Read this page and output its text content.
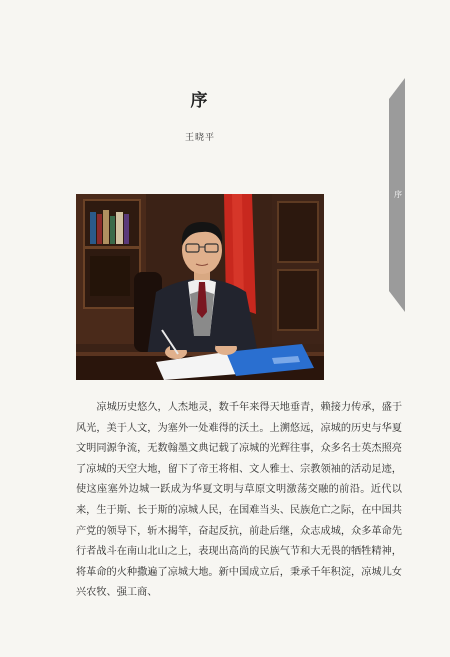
序
王晓平
序

凉城历史悠久，人杰地灵，数千年来得天地垂青，赖接力传承，盛于风光，美于人文，为塞外一处难得的沃土。上溯悠远，凉城的历史与华夏文明同源争流，无数翰墨文典记载了凉城的光辉往事，众多名士英杰照亮了凉城的天空大地，留下了帝王将相、文人雅士、宗教领袖的活动足迹，使这座塞外边城一跃成为华夏文明与草原文明激荡交融的前沿。近代以来，生于斯、长于斯的凉城人民，在国难当头、民族危亡之际，在中国共产党的领导下，斩木揭竿，奋起反抗，前赴后继，众志成城，众多革命先行者战斗在南山北山之上，表现出高尚的民族气节和大无畏的牺牲精神，将革命的火种撒遍了凉城大地。新中国成立后，秉承千年积淀，凉城儿女兴农牧、强工商、
